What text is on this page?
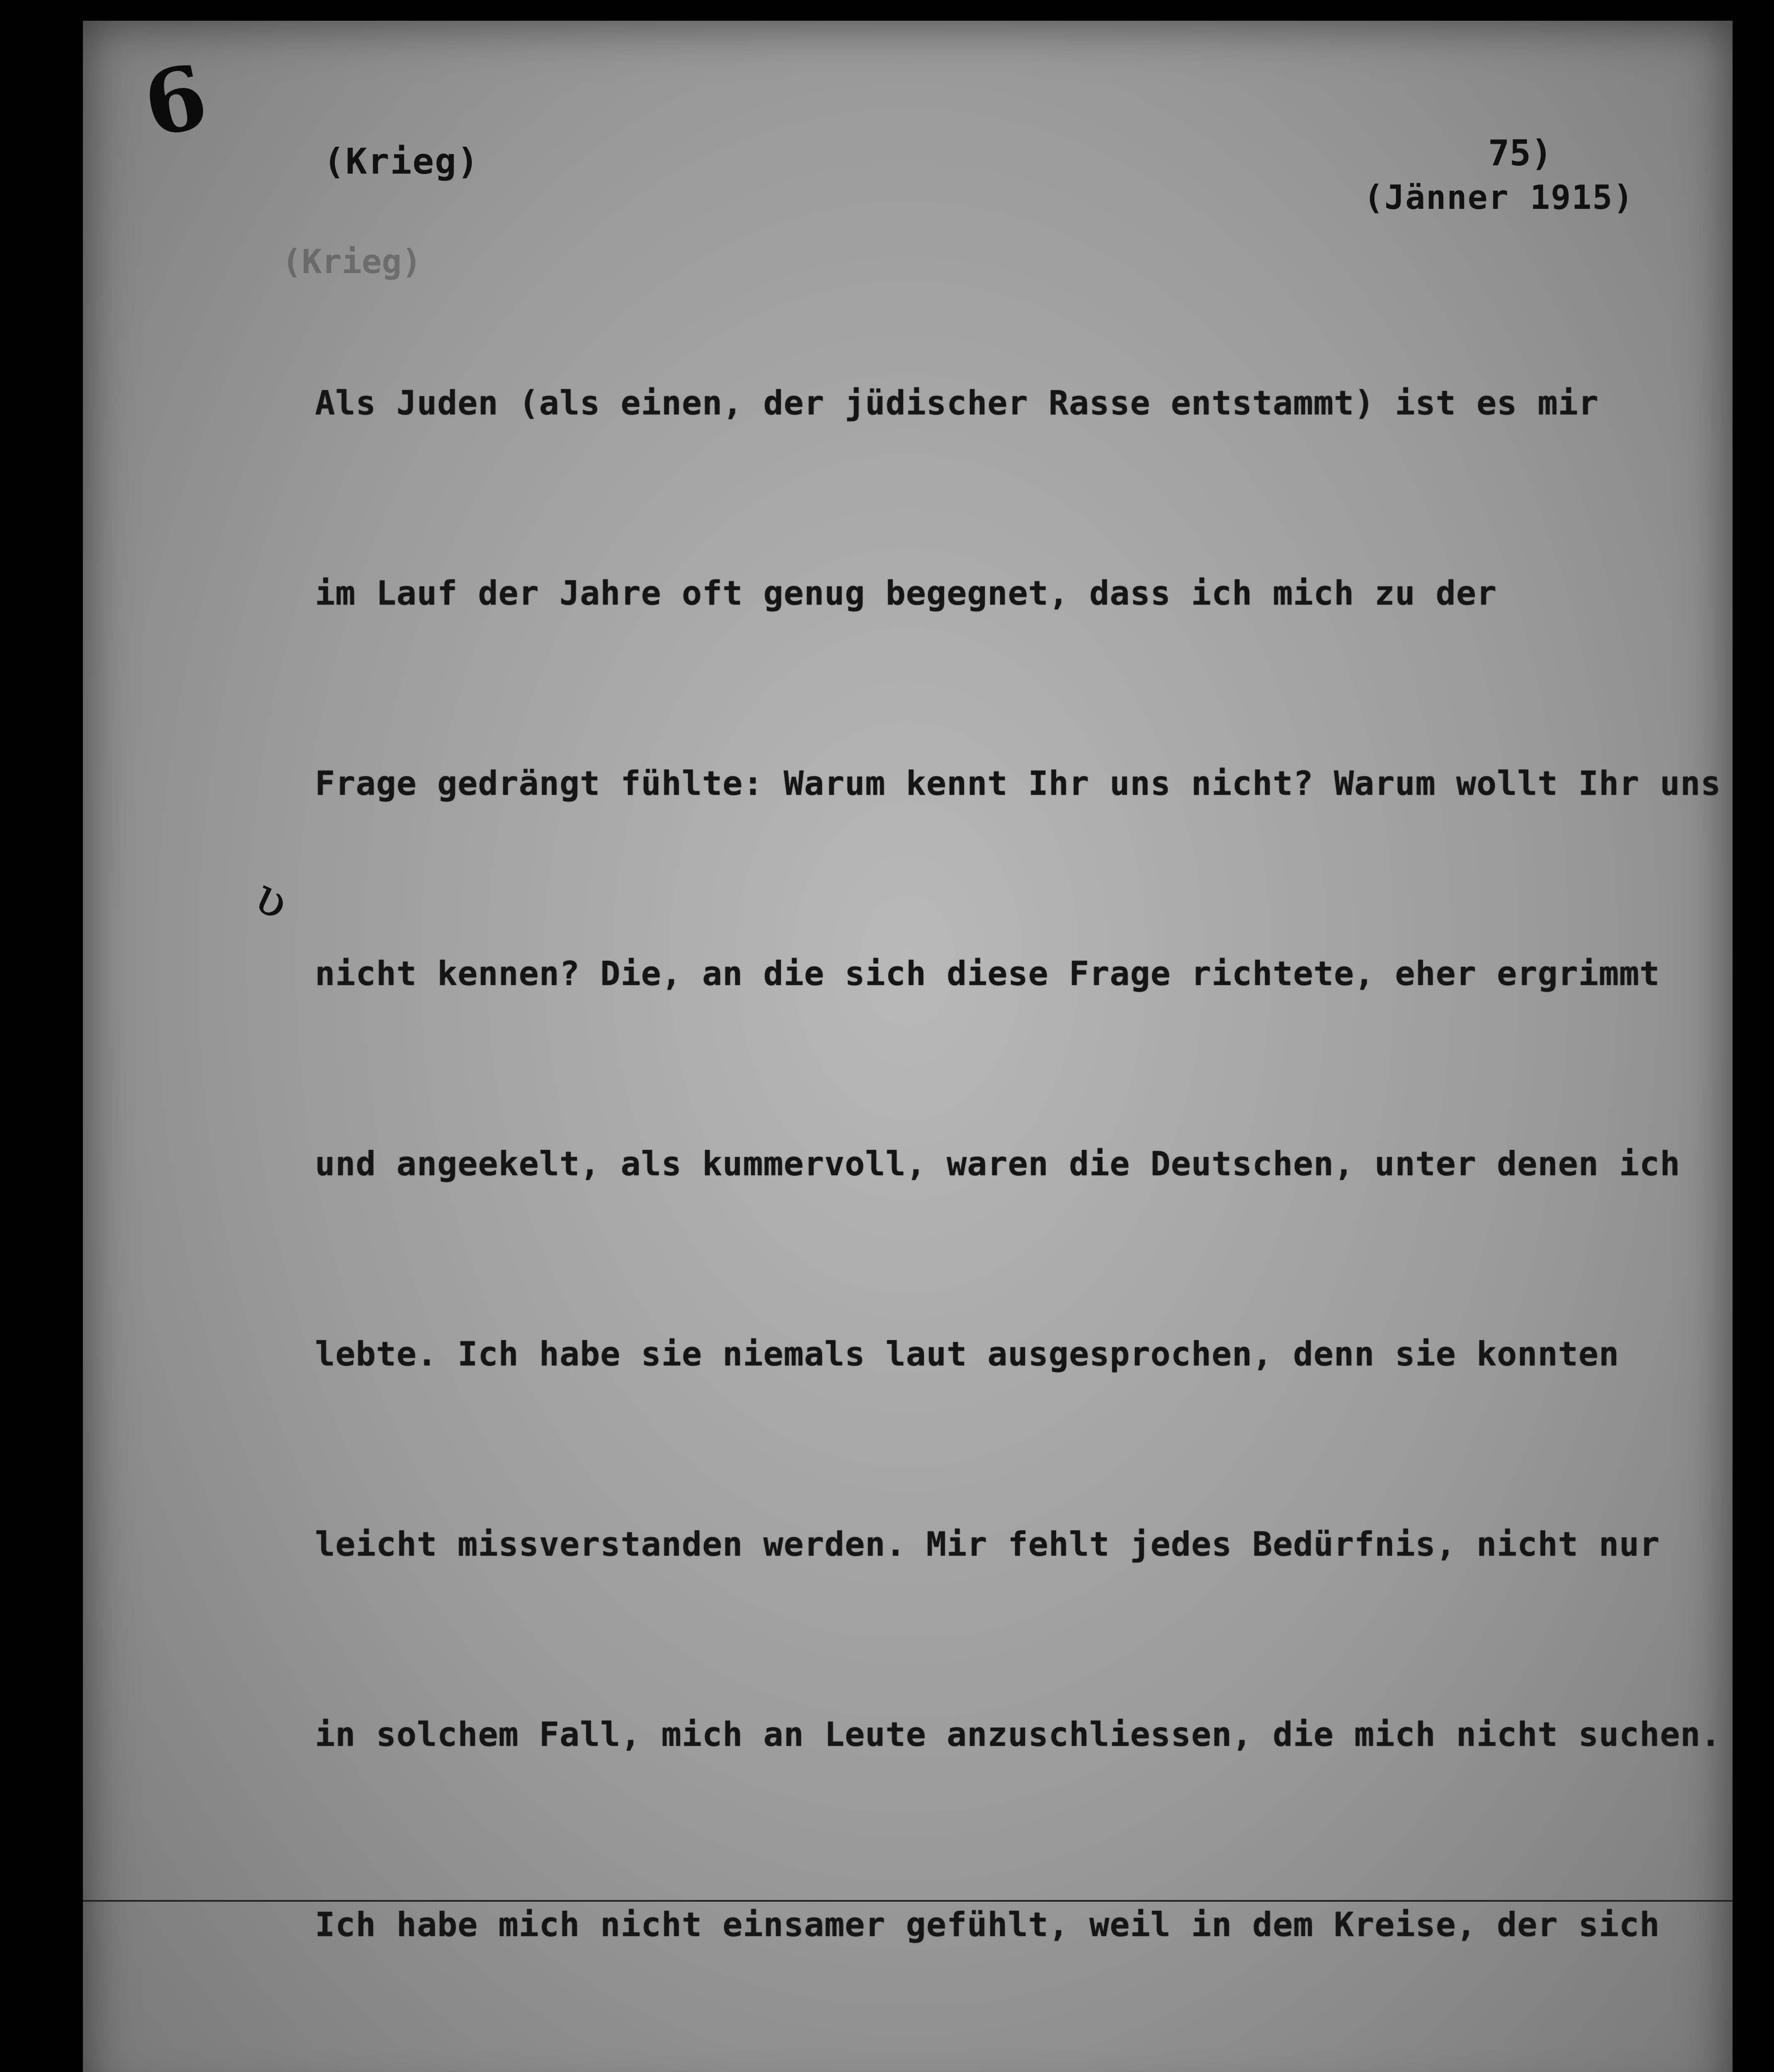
6
(Krieg)	75)
(Jänner 1915)
(Krieg)
ʋ

Als Juden (als einen, der jüdischer Rasse entstammt) ist es mir

im Lauf der Jahre oft genug begegnet, dass ich mich zu der

Frage gedrängt fühlte: Warum kennt Ihr uns nicht? Warum wollt Ihr uns

nicht kennen? Die, an die sich diese Frage richtete, eher ergrimmt

und angeekelt, als kummervoll, waren die Deutschen, unter denen ich

lebte. Ich habe sie niemals laut ausgesprochen, denn sie konnten

leicht missverstanden werden. Mir fehlt jedes Bedürfnis, nicht nur

in solchem Fall, mich an Leute anzuschliessen, die mich nicht suchen.

Ich habe mich nicht einsamer gefühlt, weil in dem Kreise, der sich
